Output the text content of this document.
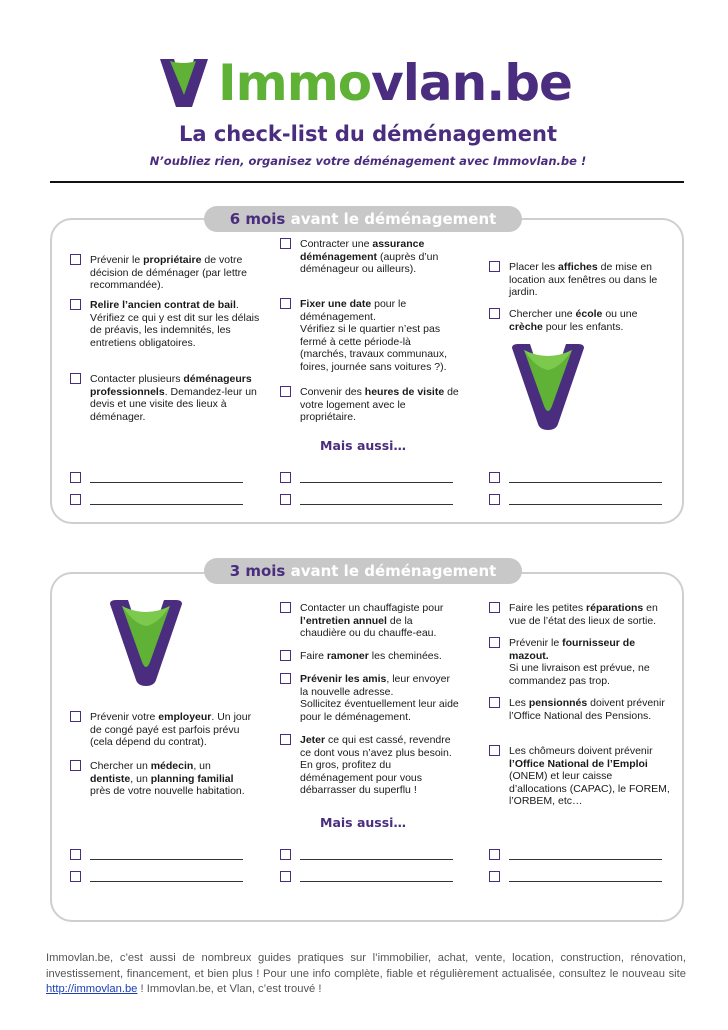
Immovlan.be
La check-list du déménagement
N’oubliez rien, organisez votre déménagement avec Immovlan.be !
6 mois avant le déménagement
Prévenir le propriétaire de votre décision de déménager (par lettre recommandée).
Relire l’ancien contrat de bail. Vérifiez ce qui y est dit sur les délais de préavis, les indemnités, les entretiens obligatoires.
Contacter plusieurs déménageurs professionnels. Demandez-leur un devis et une visite des lieux à déménager.
Contracter une assurance déménagement (auprès d’un déménageur ou ailleurs).
Fixer une date pour le déménagement.
Vérifiez si le quartier n’est pas fermé à cette période-là (marchés, travaux communaux, foires, journée sans voitures ?).
Convenir des heures de visite de votre logement avec le propriétaire.
Placer les affiches de mise en location aux fenêtres ou dans le jardin.
Chercher une école ou une crèche pour les enfants.
Mais aussi…
3 mois avant le déménagement
Prévenir votre employeur. Un jour de congé payé est parfois prévu (cela dépend du contrat).
Chercher un médecin, un dentiste, un planning familial près de votre nouvelle habitation.
Contacter un chauffagiste pour l’entretien annuel de la chaudière ou du chauffe-eau.
Faire ramoner les cheminées.
Prévenir les amis, leur envoyer la nouvelle adresse.
Sollicitez éventuellement leur aide pour le déménagement.
Jeter ce qui est cassé, revendre ce dont vous n’avez plus besoin.
En gros, profitez du déménagement pour vous débarrasser du superflu !
Faire les petites réparations en vue de l’état des lieux de sortie.
Prévenir le fournisseur de mazout.
Si une livraison est prévue, ne commandez pas trop.
Les pensionnés doivent prévenir l’Office National des Pensions.
Les chômeurs doivent prévenir l’Office National de l’Emploi (ONEM) et leur caisse d’allocations (CAPAC), le FOREM, l’ORBEM, etc…
Mais aussi…
Immovlan.be, c’est aussi de nombreux guides pratiques sur l’immobilier, achat, vente, location, construction, rénovation, investissement, financement, et bien plus ! Pour une info complète, fiable et régulièrement actualisée, consultez le nouveau site http://immovlan.be ! Immovlan.be, et Vlan, c’est trouvé !
